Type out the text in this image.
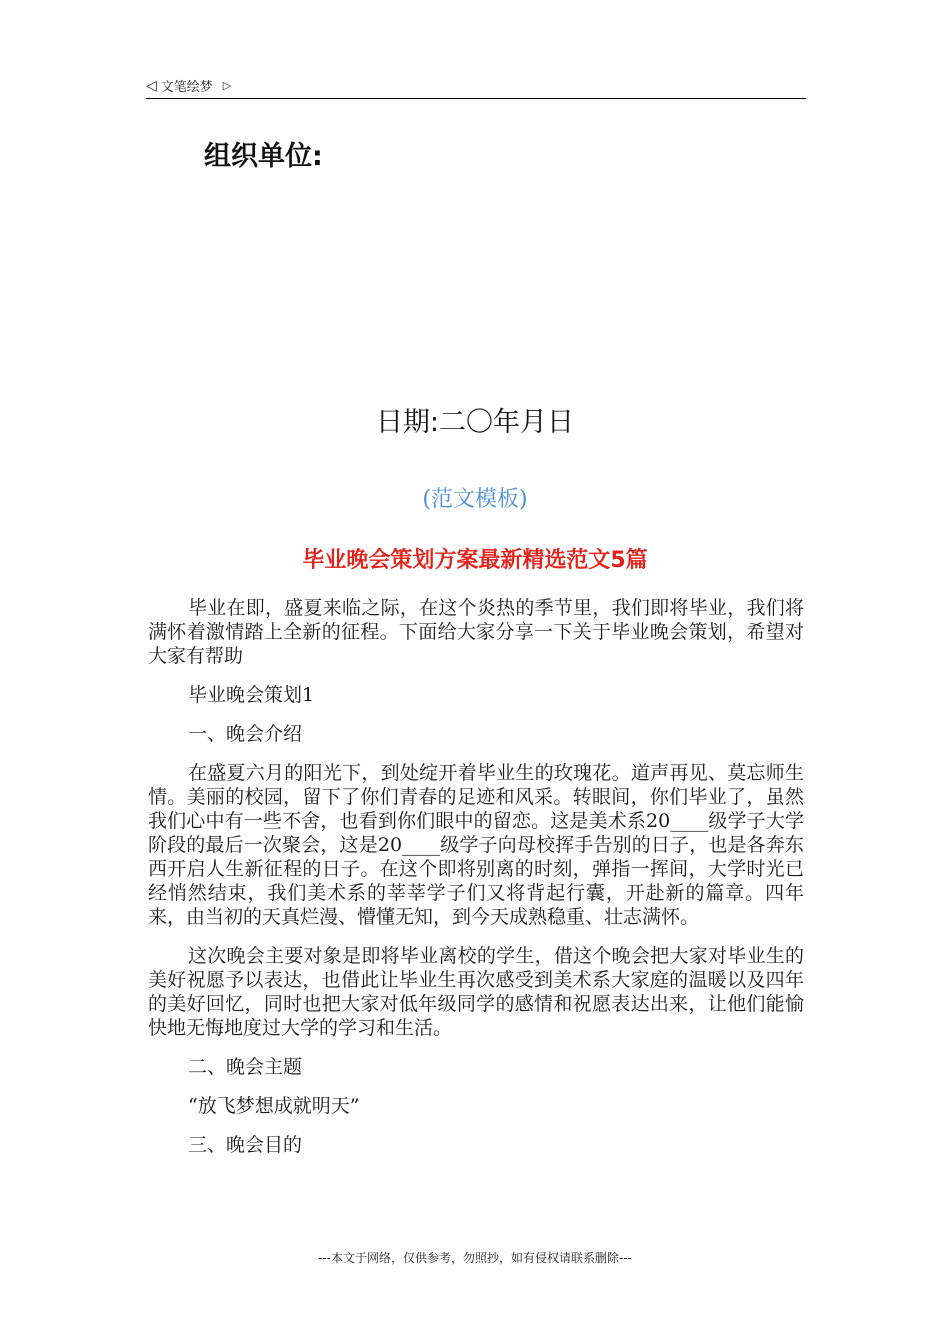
◁ 文笔绘梦 ▷
组织单位:
日期:二〇年月日
(范文模板)
毕业晚会策划方案最新精选范文5篇

毕业在即，盛夏来临之际，在这个炎热的季节里，我们即将毕业，我们将满怀着激情踏上全新的征程。下面给大家分享一下关于毕业晚会策划，希望对大家有帮助

毕业晚会策划1

一、晚会介绍

在盛夏六月的阳光下，到处绽开着毕业生的玫瑰花。道声再见、莫忘师生情。美丽的校园，留下了你们青春的足迹和风采。转眼间，你们毕业了，虽然我们心中有一些不舍，也看到你们眼中的留恋。这是美术系20____级学子大学阶段的最后一次聚会，这是20____级学子向母校挥手告别的日子，也是各奔东西开启人生新征程的日子。在这个即将别离的时刻，弹指一挥间，大学时光已经悄然结束，我们美术系的莘莘学子们又将背起行囊，开赴新的篇章。四年来，由当初的天真烂漫、懵懂无知，到今天成熟稳重、壮志满怀。

这次晚会主要对象是即将毕业离校的学生，借这个晚会把大家对毕业生的美好祝愿予以表达，也借此让毕业生再次感受到美术系大家庭的温暖以及四年的美好回忆，同时也把大家对低年级同学的感情和祝愿表达出来，让他们能愉快地无悔地度过大学的学习和生活。

二、晚会主题

“放飞梦想成就明天”

三、晚会目的

---本文于网络，仅供参考，勿照抄，如有侵权请联系删除---
